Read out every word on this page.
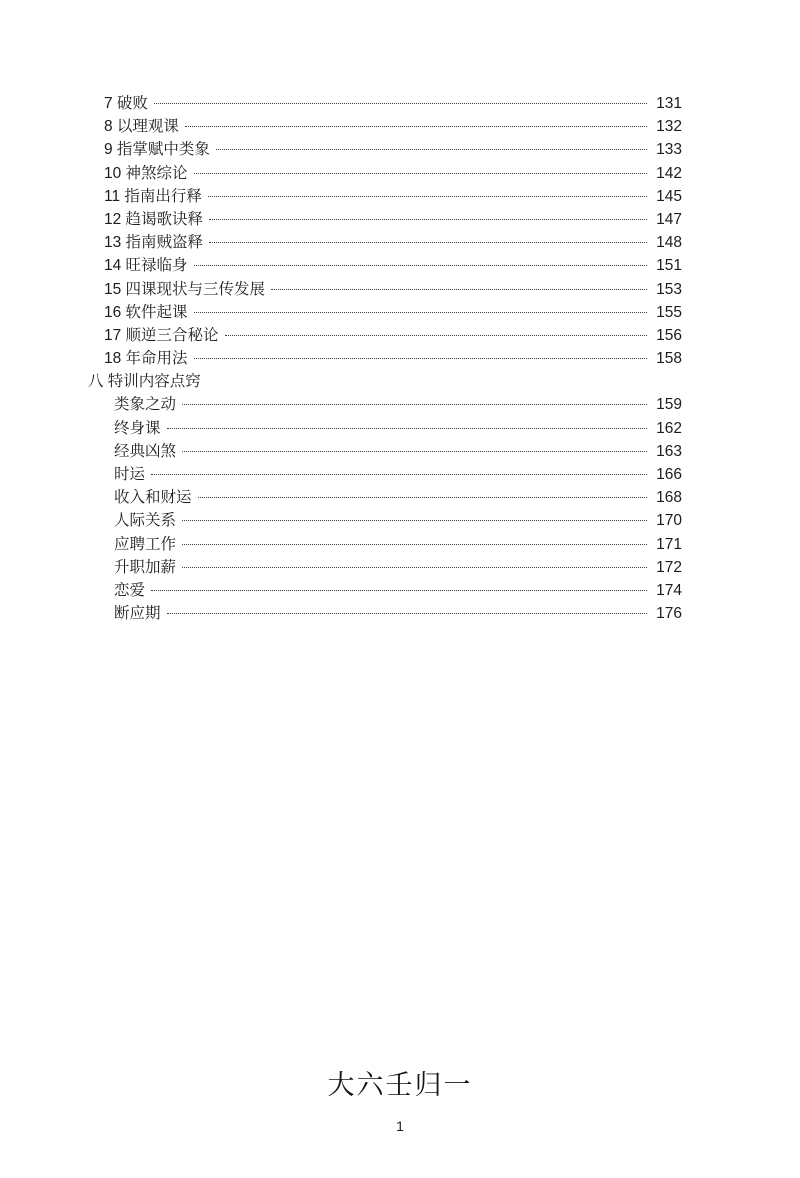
7 破败	131
8 以理观课	132
9 指掌赋中类象	133
10 神煞综论	142
11 指南出行释	145
12 趋谒歌诀释	147
13 指南贼盗释	148
14 旺禄临身	151
15 四课现状与三传发展	153
16 软件起课	155
17 顺逆三合秘论	156
18 年命用法	158
八 特训内容点窍
类象之动	159
终身课	162
经典凶煞	163
时运	166
收入和财运	168
人际关系	170
应聘工作	171
升职加薪	172
恋爱	174
断应期	176
大六壬归一
1
